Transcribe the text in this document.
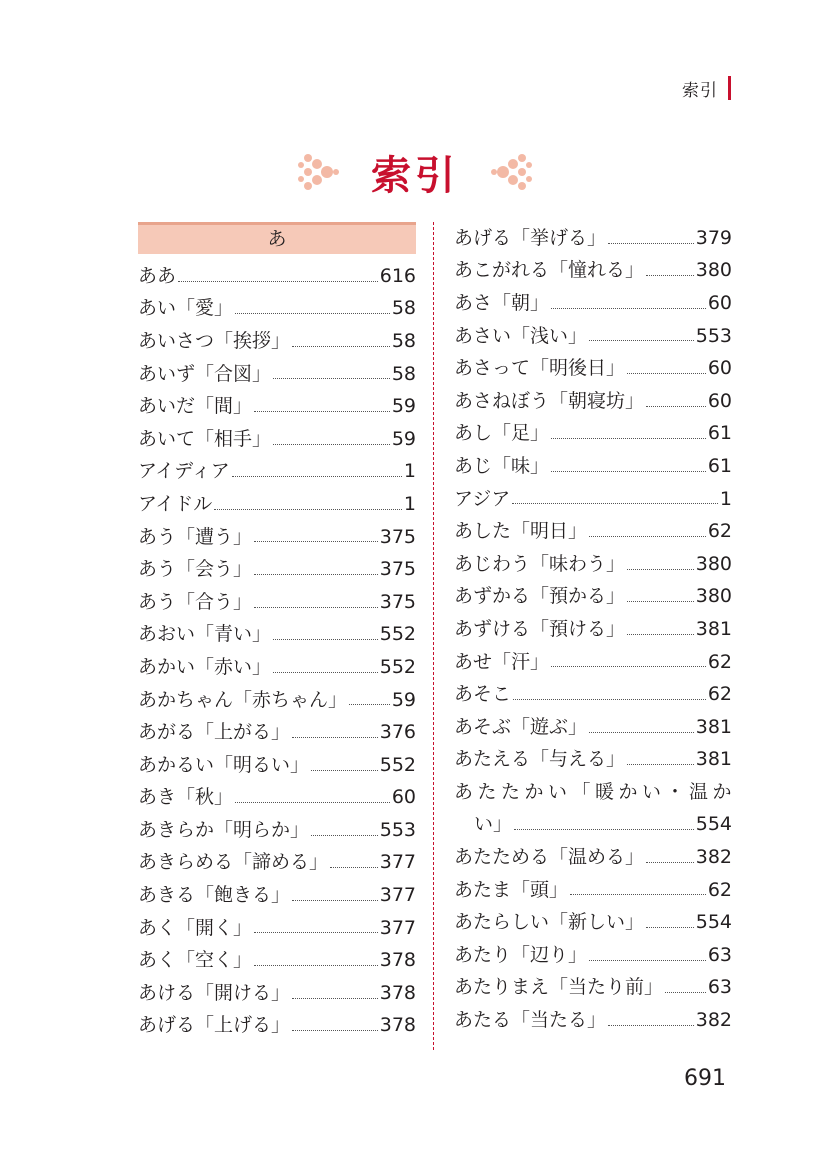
索引
索引
あ
ああ	616
あい「愛」	58
あいさつ「挨拶」	58
あいず「合図」	58
あいだ「間」	59
あいて「相手」	59
アイディア	1
アイドル	1
あう「遭う」	375
あう「会う」	375
あう「合う」	375
あおい「青い」	552
あかい「赤い」	552
あかちゃん「赤ちゃん」 59
あがる「上がる」	376
あかるい「明るい」	552
あき「秋」	60
あきらか「明らか」	553
あきらめる「諦める」	377
あきる「飽きる」	377
あく「開く」	377
あく「空く」	378
あける「開ける」	378
あげる「上げる」	378
あげる「挙げる」	379
あこがれる「憧れる」	380
あさ「朝」	60
あさい「浅い」	553
あさって「明後日」	60
あさねぼう「朝寝坊」	60
あし「足」	61
あじ「味」	61
アジア	1
あした「明日」	62
あじわう「味わう」	380
あずかる「預かる」	380
あずける「預ける」	381
あせ「汗」	62
あそこ	62
あそぶ「遊ぶ」	381
あたえる「与える」	381
あたたかい「暖かい・温か
い」	554
あたためる「温める」	382
あたま「頭」	62
あたらしい「新しい」	554
あたり「辺り」	63
あたりまえ「当たり前」 63
あたる「当たる」	382
691
